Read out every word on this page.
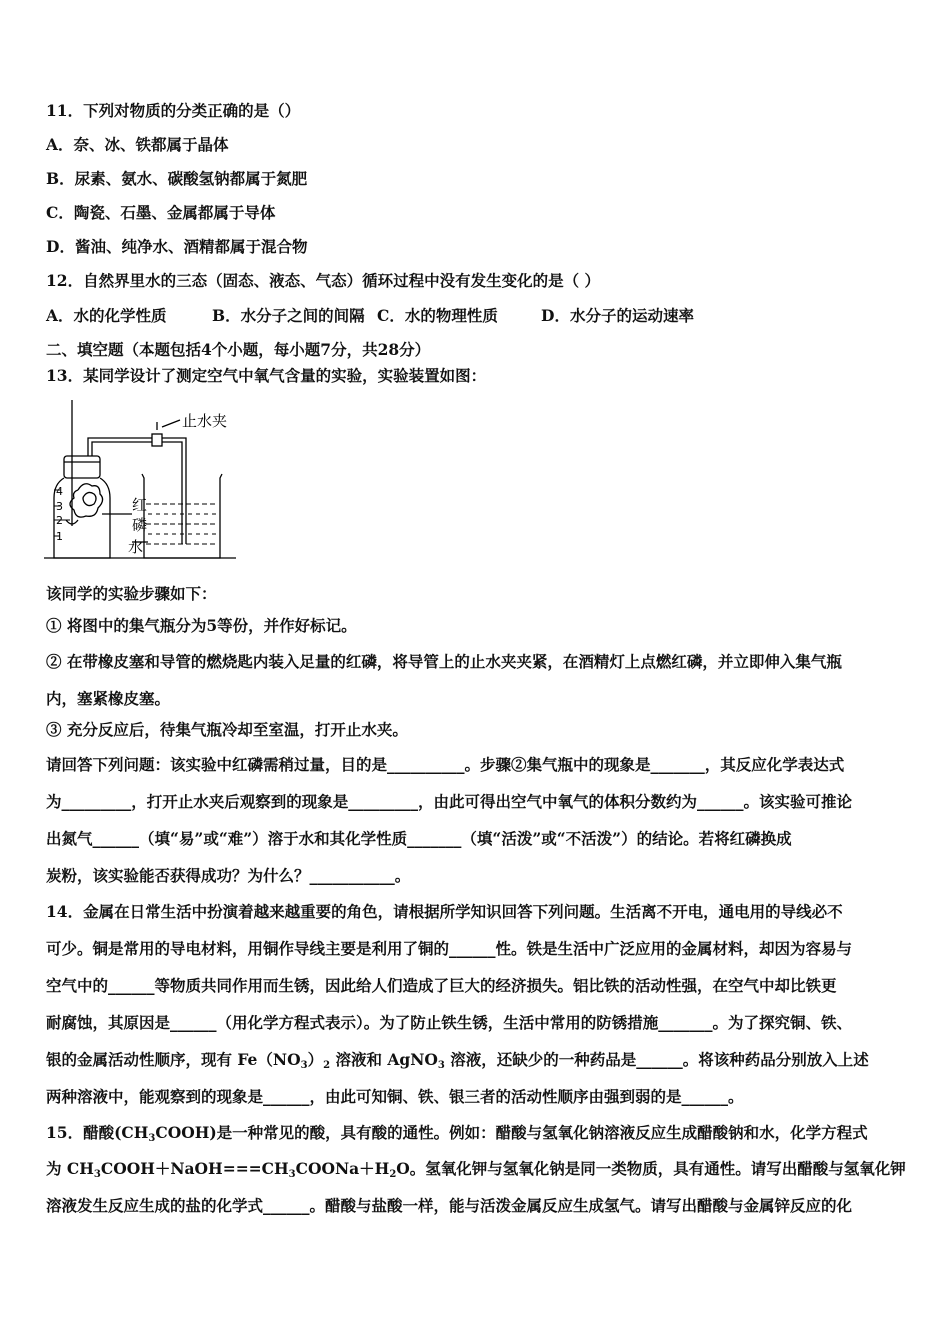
11．下列对物质的分类正确的是（）
A．奈、冰、铁都属于晶体
B．尿素、氨水、碳酸氢钠都属于氮肥
C．陶瓷、石墨、金属都属于导体
D．酱油、纯净水、酒精都属于混合物
12．自然界里水的三态（固态、液态、气态）循环过程中没有发生变化的是（ ）
A．水的化学性质	B．水分子之间的间隔 C．水的物理性质	D．水分子的运动速率
二、填空题（本题包括4个小题，每小题7分，共28分）
13．某同学设计了测定空气中氧气含量的实验，实验装置如图：
4
3
2
1
止水夹
红
磷
水
该同学的实验步骤如下：
① 将图中的集气瓶分为5等份，并作好标记。
② 在带橡皮塞和导管的燃烧匙内装入足量的红磷，将导管上的止水夹夹紧，在酒精灯上点燃红磷，并立即伸入集气瓶
内，塞紧橡皮塞。
③ 充分反应后，待集气瓶冷却至室温，打开止水夹。
请回答下列问题：该实验中红磷需稍过量，目的是__________。步骤②集气瓶中的现象是_______，其反应化学表达式
为_________，打开止水夹后观察到的现象是_________，由此可得出空气中氧气的体积分数约为______。该实验可推论
出氮气______（填“易”或“难”）溶于水和其化学性质_______（填“活泼”或“不活泼”）的结论。若将红磷换成
炭粉，该实验能否获得成功？为什么？___________。
14．金属在日常生活中扮演着越来越重要的角色，请根据所学知识回答下列问题。生活离不开电，通电用的导线必不
可少。铜是常用的导电材料，用铜作导线主要是利用了铜的______性。铁是生活中广泛应用的金属材料，却因为容易与
空气中的______等物质共同作用而生锈，因此给人们造成了巨大的经济损失。铝比铁的活动性强，在空气中却比铁更
耐腐蚀，其原因是______（用化学方程式表示）。为了防止铁生锈，生活中常用的防锈措施_______。为了探究铜、铁、
银的金属活动性顺序，现有 $Fe(NO_3)_2$ 溶液和 AgNO$_3$ 溶液，还缺少的一种药品是______。将该种药品分别放入上述
两种溶液中，能观察到的现象是______，由此可知铜、铁、银三者的活动性顺序由强到弱的是______。
15．醋酸$(CH_3COOH)$是一种常见的酸，具有酸的通性。例如：醋酸与氢氧化钠溶液反应生成醋酸钠和水，化学方程式
为 $CH_3COOH+NaOH===CH_3COONa+H_2O$。氢氧化钾与氢氧化钠是同一类物质，具有通性。请写出醋酸与氢氧化钾
溶液发生反应生成的盐的化学式______。醋酸与盐酸一样，能与活泼金属反应生成氢气。请写出醋酸与金属锌反应的化
